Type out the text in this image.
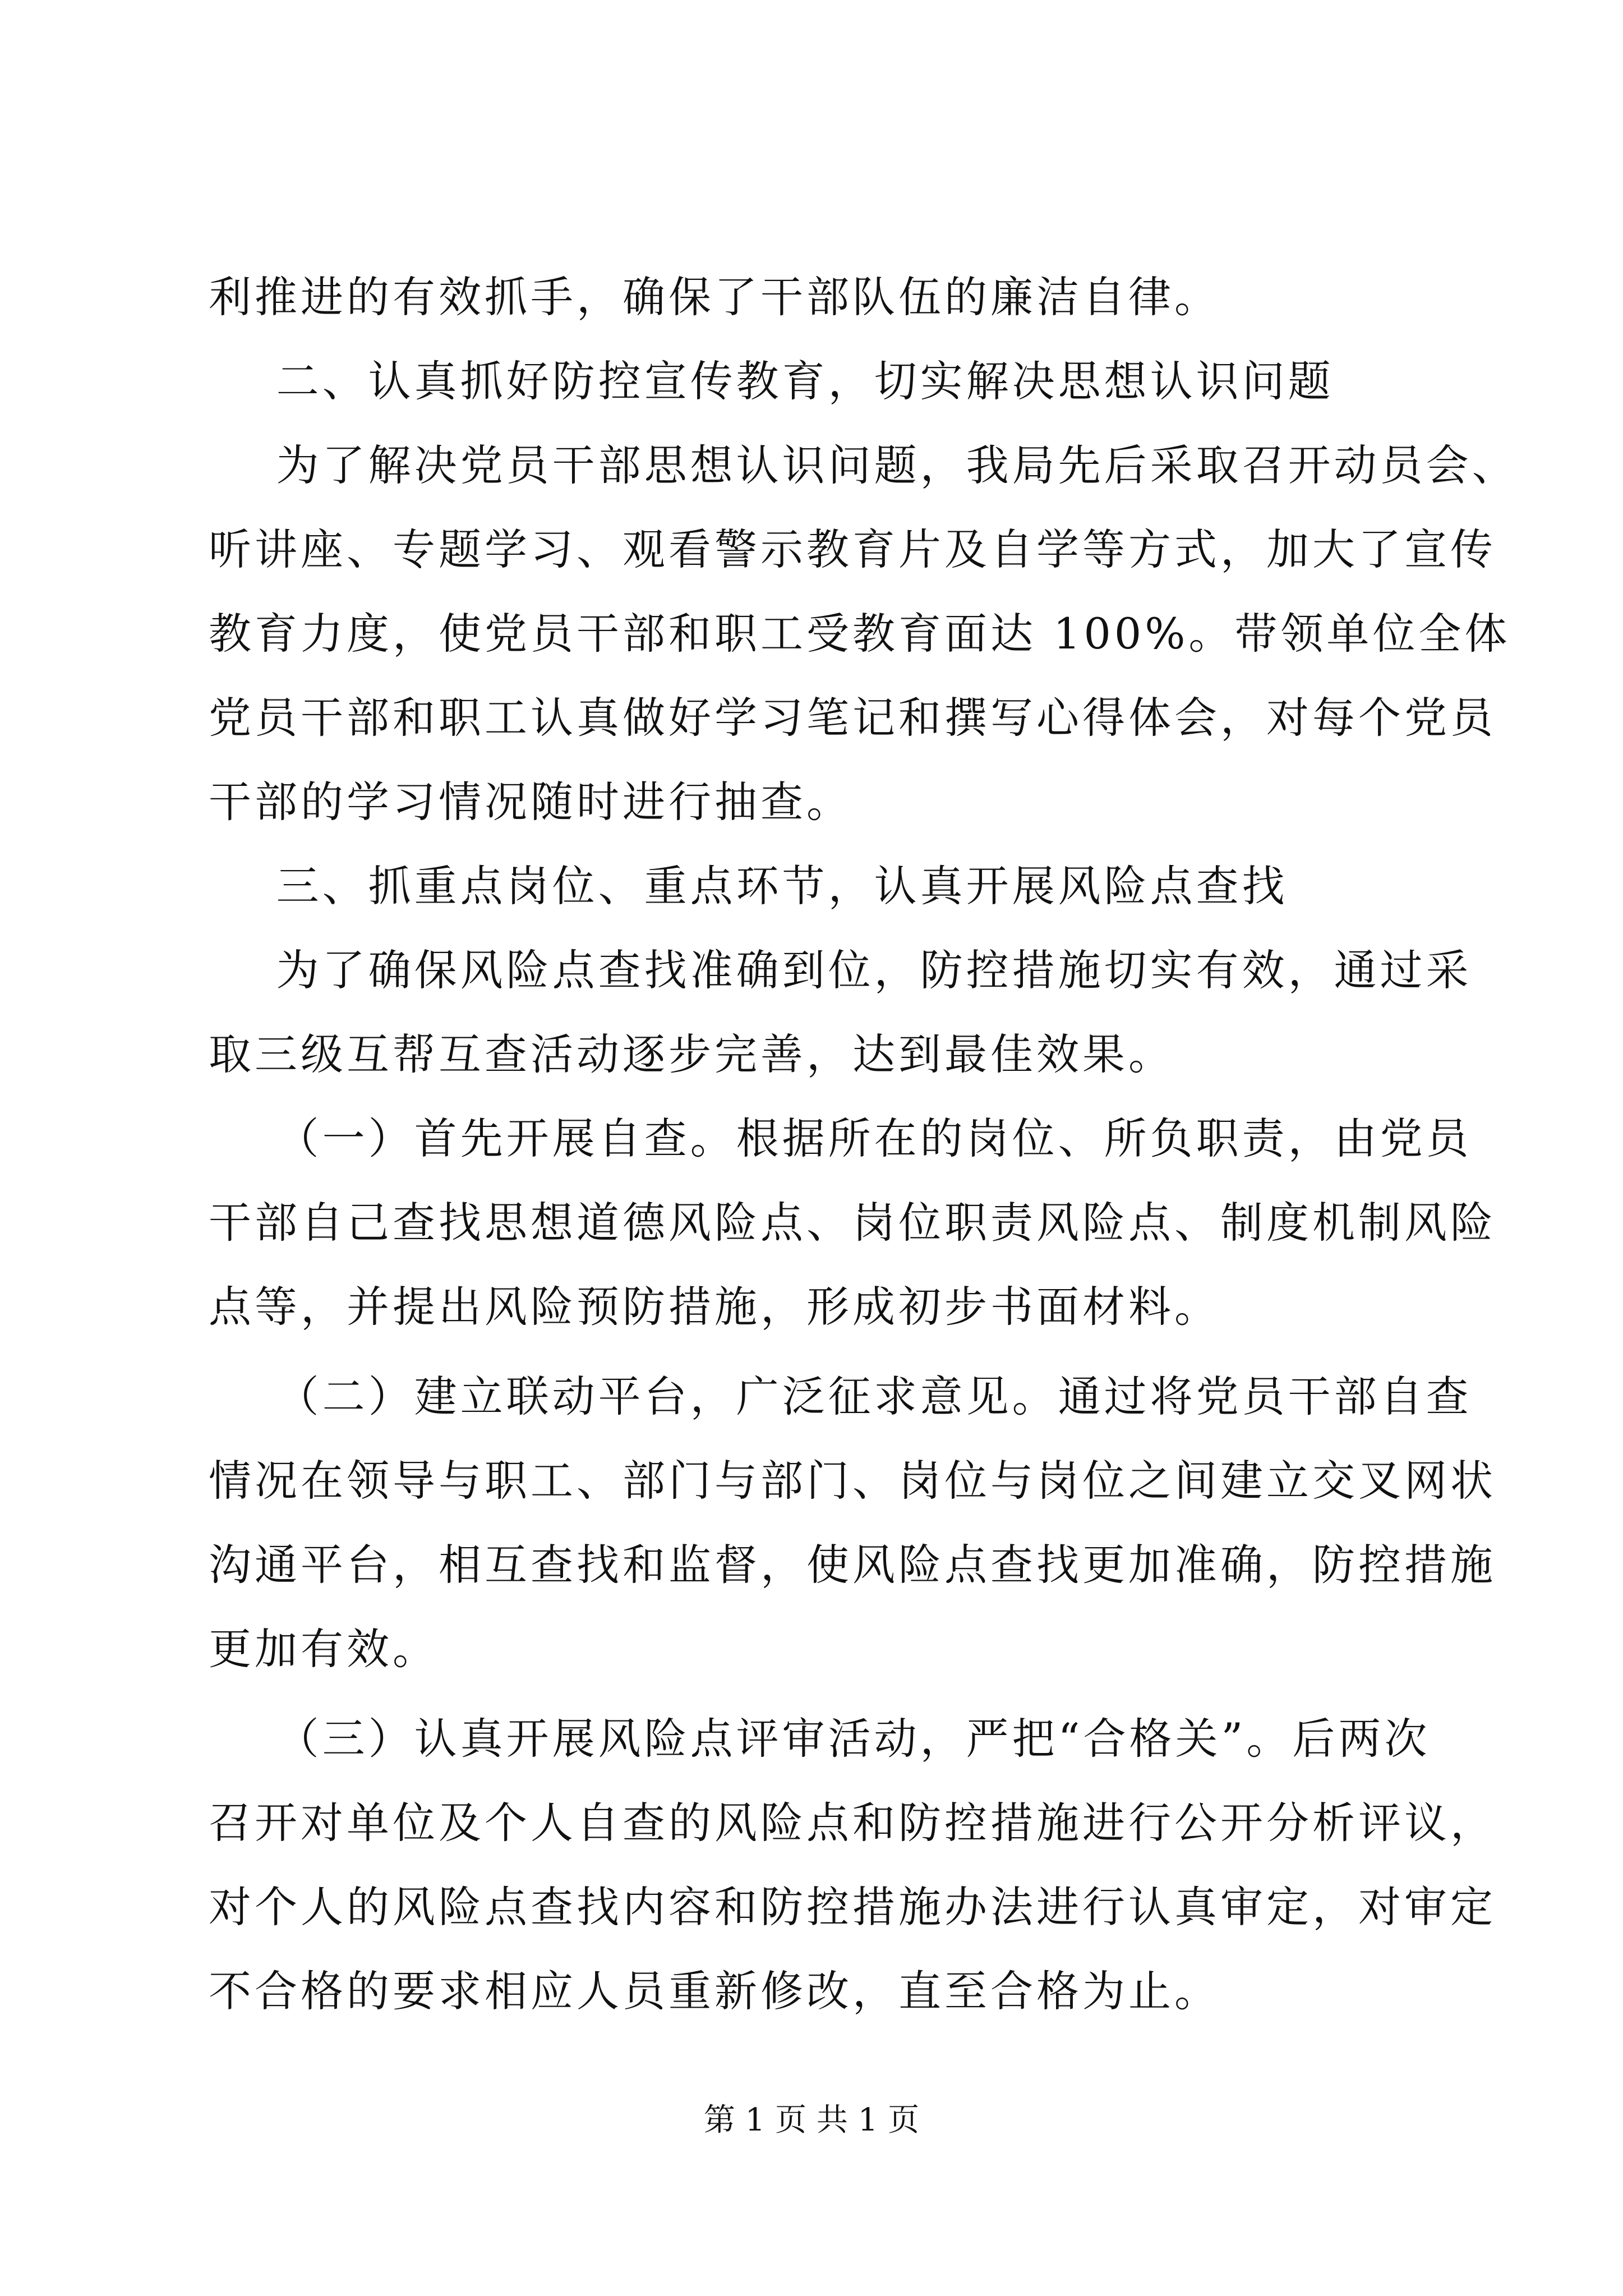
利推进的有效抓手，确保了干部队伍的廉洁自律。
二、认真抓好防控宣传教育，切实解决思想认识问题
为了解决党员干部思想认识问题，我局先后采取召开动员会、
听讲座、专题学习、观看警示教育片及自学等方式，加大了宣传
教育力度，使党员干部和职工受教育面达 100%。带领单位全体
党员干部和职工认真做好学习笔记和撰写心得体会，对每个党员
干部的学习情况随时进行抽查。
三、抓重点岗位、重点环节，认真开展风险点查找
为了确保风险点查找准确到位，防控措施切实有效，通过采
取三级互帮互查活动逐步完善，达到最佳效果。
（一）首先开展自查。根据所在的岗位、所负职责，由党员
干部自己查找思想道德风险点、岗位职责风险点、制度机制风险
点等，并提出风险预防措施，形成初步书面材料。
（二）建立联动平台，广泛征求意见。通过将党员干部自查
情况在领导与职工、部门与部门、岗位与岗位之间建立交叉网状
沟通平台，相互查找和监督，使风险点查找更加准确，防控措施
更加有效。
（三）认真开展风险点评审活动，严把“合格关”。后两次
召开对单位及个人自查的风险点和防控措施进行公开分析评议，
对个人的风险点查找内容和防控措施办法进行认真审定，对审定
不合格的要求相应人员重新修改，直至合格为止。
第 1 页 共 1 页
